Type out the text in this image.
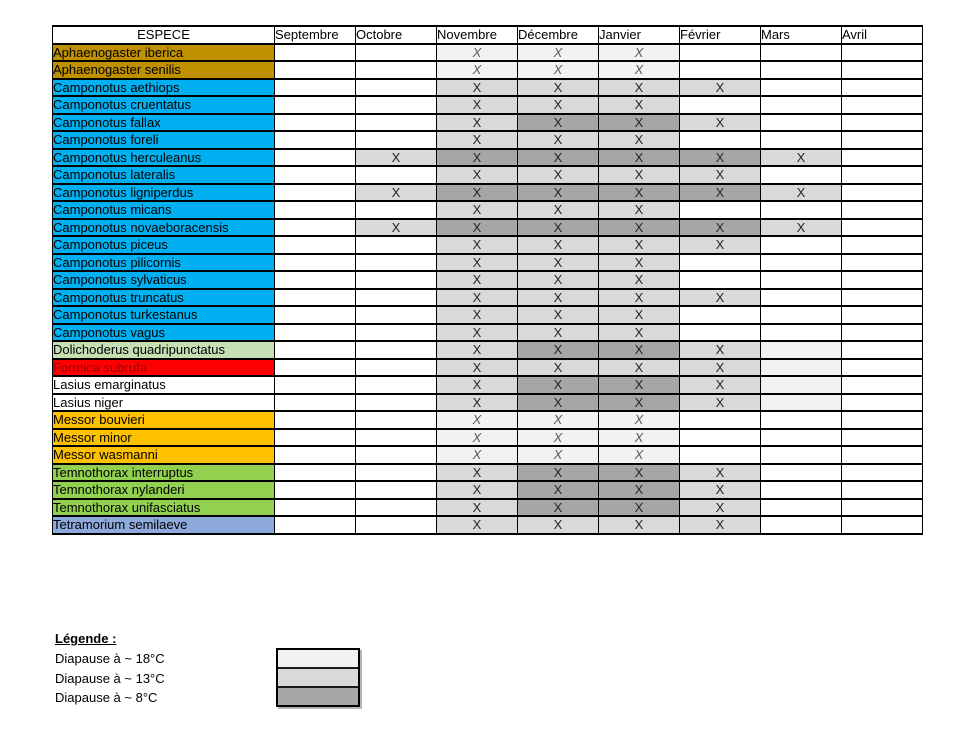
ESPECE	Septembre	Octobre	Novembre	Décembre	Janvier	Février	Mars	Avril
Aphaenogaster iberica			X	X	X			
Aphaenogaster senilis			X	X	X			
Camponotus aethiops			X	X	X	X		
Camponotus cruentatus			X	X	X			
Camponotus fallax			X	X	X	X		
Camponotus foreli			X	X	X			
Camponotus herculeanus		X	X	X	X	X	X	
Camponotus lateralis			X	X	X	X		
Camponotus ligniperdus		X	X	X	X	X	X	
Camponotus micans			X	X	X			
Camponotus novaeboracensis		X	X	X	X	X	X	
Camponotus piceus			X	X	X	X		
Camponotus pilicornis			X	X	X			
Camponotus sylvaticus			X	X	X			
Camponotus truncatus			X	X	X	X		
Camponotus turkestanus			X	X	X			
Camponotus vagus			X	X	X			
Dolichoderus quadripunctatus			X	X	X	X		
Formica subrufa			X	X	X	X		
Lasius emarginatus			X	X	X	X		
Lasius niger			X	X	X	X		
Messor bouvieri			X	X	X			
Messor minor			X	X	X			
Messor wasmanni			X	X	X			
Temnothorax interruptus			X	X	X	X		
Temnothorax nylanderi			X	X	X	X		
Temnothorax unifasciatus			X	X	X	X		
Tetramorium semilaeve			X	X	X	X		
Légende :
Diapause à ~ 18°C
Diapause à ~ 13°C
Diapause à ~ 8°C
